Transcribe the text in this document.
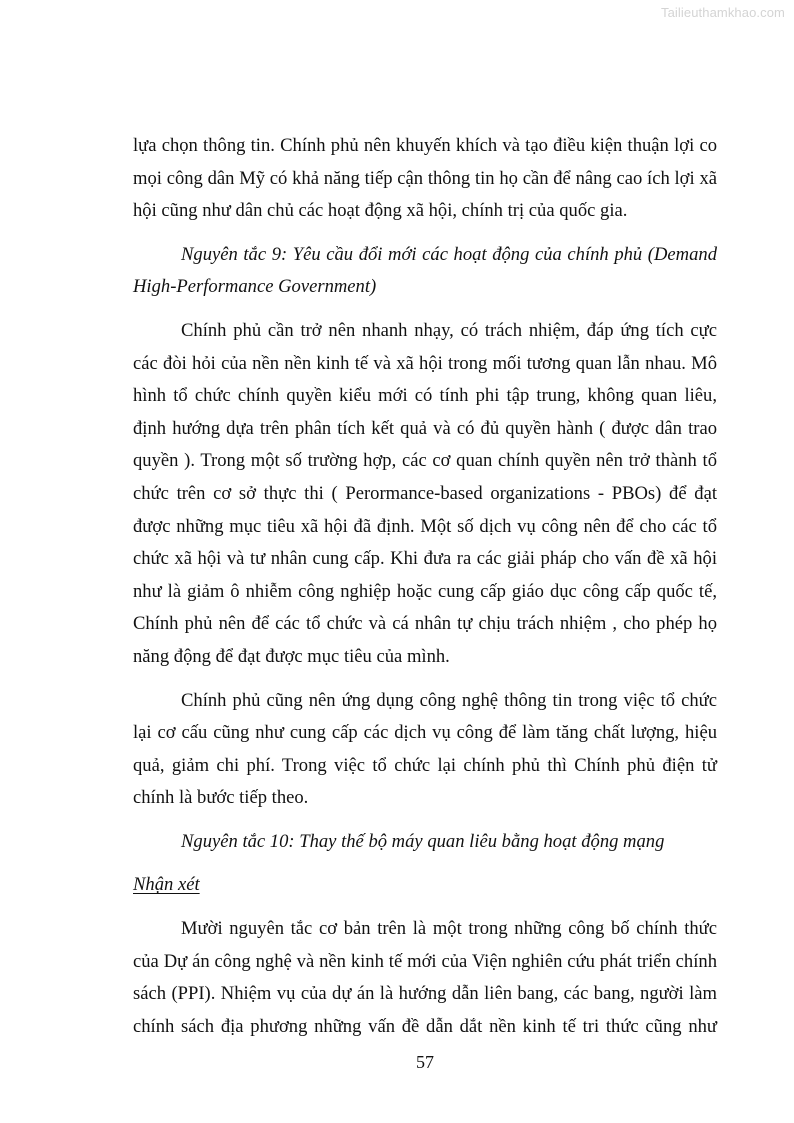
Tailieuthamkhao.com
lựa chọn thông tin. Chính phủ nên khuyến khích và tạo điều kiện thuận lợi co
mọi công dân Mỹ có khả năng tiếp cận thông tin họ cần để nâng cao ích lợi xã
hội cũng như dân chủ các hoạt động xã hội, chính trị của quốc gia.
Nguyên tắc 9: Yêu cầu đổi mới các hoạt động của chính phủ (Demand
High-Performance Government)
Chính phủ cần trở nên nhanh nhạy, có trách nhiệm, đáp ứng tích cực
các đòi hỏi của nền nền kinh tế và xã hội trong mối tương quan lẫn nhau. Mô
hình tổ chức chính quyền kiểu mới có tính phi tập trung, không quan liêu,
định hướng dựa trên phân tích kết quả và có đủ quyền hành ( được dân trao
quyền ). Trong một số trường hợp, các cơ quan chính quyền nên trở thành tổ
chức trên cơ sở thực thi ( Perormance-based organizations - PBOs) để đạt
được những mục tiêu xã hội đã định. Một số dịch vụ công nên để cho các tổ
chức xã hội và tư nhân cung cấp. Khi đưa ra các giải pháp cho vấn đề xã hội
như là giảm ô nhiễm công nghiệp hoặc cung cấp giáo dục công cấp quốc tế,
Chính phủ nên để các tổ chức và cá nhân tự chịu trách nhiệm , cho phép họ
năng động để đạt được mục tiêu của mình.
Chính phủ cũng nên ứng dụng công nghệ thông tin trong việc tổ chức
lại cơ cấu cũng như cung cấp các dịch vụ công để làm tăng chất lượng, hiệu
quả, giảm chi phí. Trong việc tổ chức lại chính phủ thì Chính phủ điện tử
chính là bước tiếp theo.
Nguyên tắc 10: Thay thế bộ máy quan liêu bằng hoạt động mạng
Nhận xét
Mười nguyên tắc cơ bản trên là một trong những công bố chính thức
của Dự án công nghệ và nền kinh tế mới của Viện nghiên cứu phát triển chính
sách (PPI). Nhiệm vụ của dự án là hướng dẫn liên bang, các bang, người làm
chính sách địa phương những vấn đề dẫn dắt nền kinh tế tri thức cũng như
57
